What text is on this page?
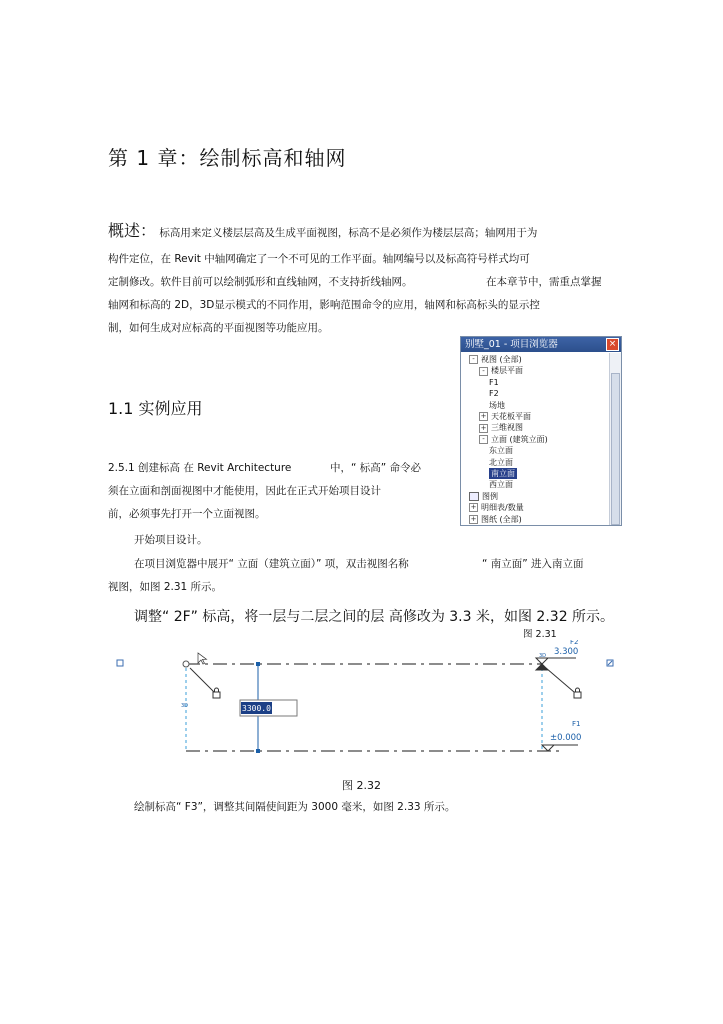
第 1 章：绘制标高和轴网
概述： 标高用来定义楼层层高及生成平面视图，标高不是必须作为楼层层高；轴网用于为
构件定位，在 Revit 中轴网确定了一个不可见的工作平面。轴网编号以及标高符号样式均可
定制修改。软件目前可以绘制弧形和直线轴网，不支持折线轴网。	在本章节中，需重点掌握
轴网和标高的 2D，3D显示模式的不同作用，影响范围命令的应用，轴网和标高标头的显示控
制，如何生成对应标高的平面视图等功能应用。
1.1 实例应用
别墅_01 - 项目浏览器	×
- 视图 (全部)
- 楼层平面
F1
F2
场地
+ 天花板平面
+ 三维视图
- 立面 (建筑立面)
东立面
北立面
南立面
西立面
图例
+ 明细表/数量
+ 图纸 (全部)
2.5.1 创建标高 在 Revit Architecture	中，“ 标高” 命令必
须在立面和剖面视图中才能使用，因此在正式开始项目设计
前，必须事先打开一个立面视图。
开始项目设计。
在项目浏览器中展开“ 立面（建筑立面）” 项，双击视图名称	“ 南立面” 进入南立面
视图，如图 2.31 所示。
调整“ 2F” 标高，将一层与二层之间的层 高修改为 3.3 米，如图 2.32 所示。
图 2.31
3D
3D
3300.0
F2
3.300
F1
±0.000
图 2.32
绘制标高“ F3”，调整其间隔使间距为 3000 毫米，如图 2.33 所示。
